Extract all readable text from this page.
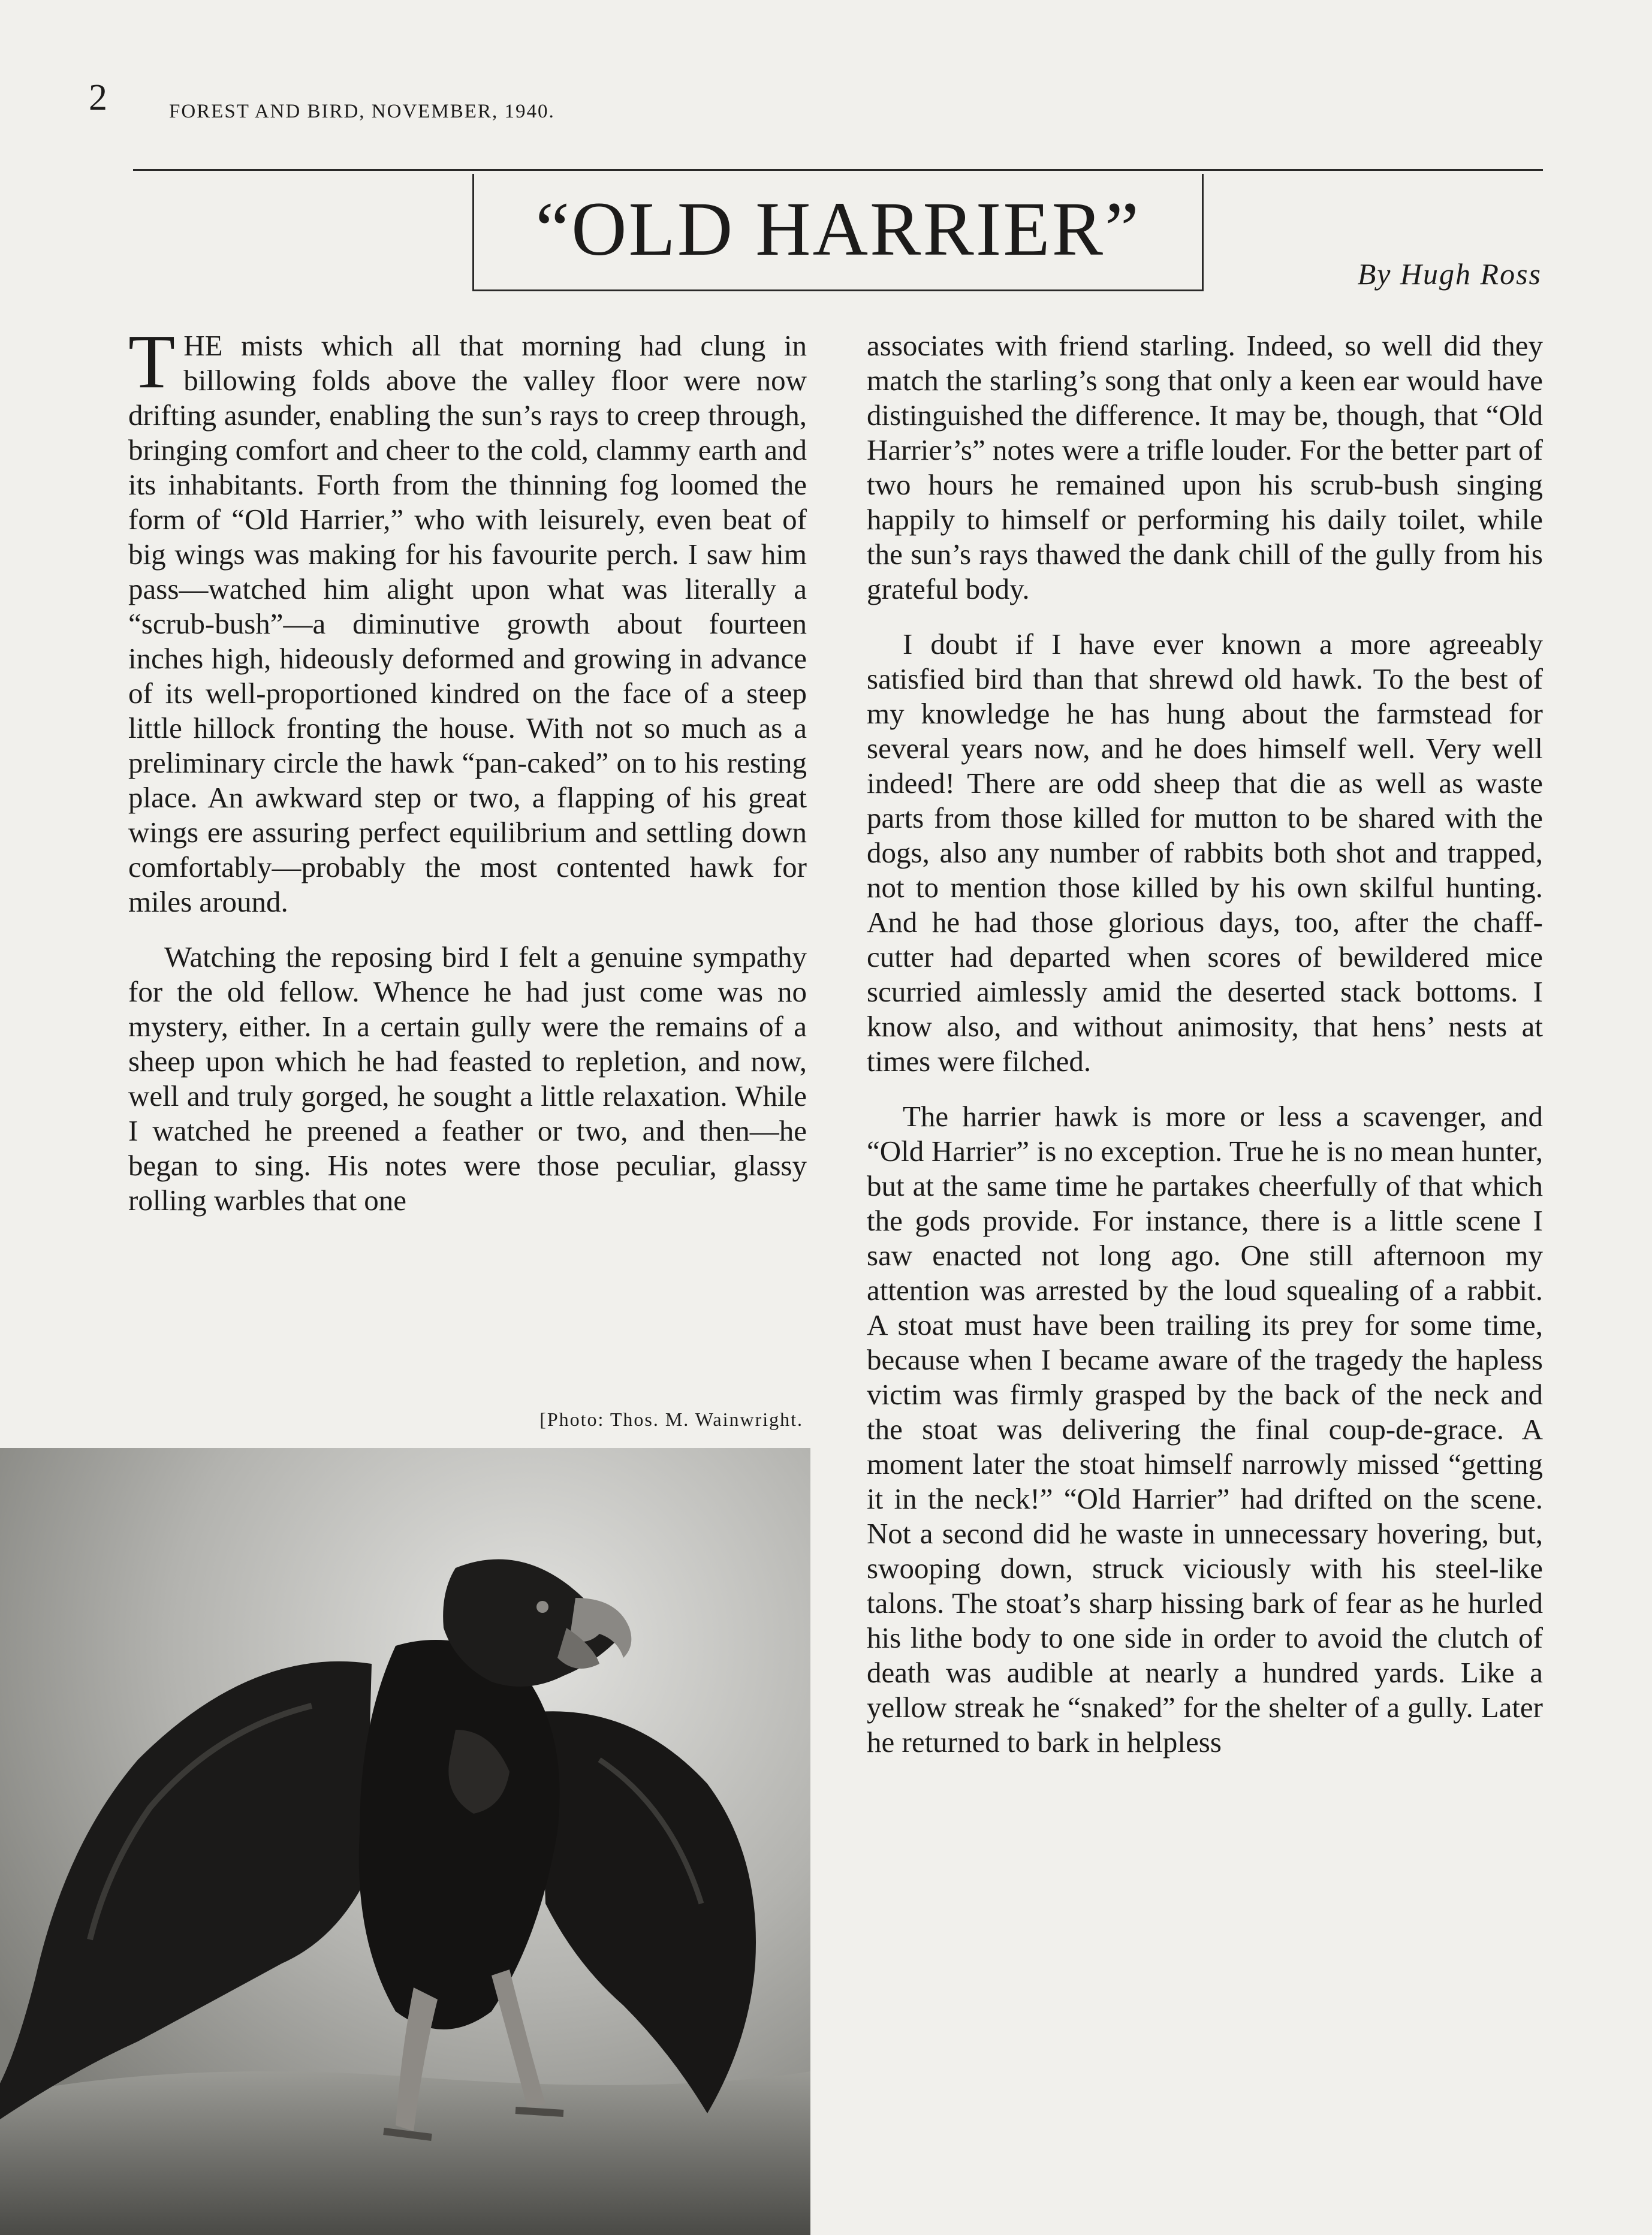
2	FOREST AND BIRD, NOVEMBER, 1940.
“OLD HARRIER”
By Hugh Ross

THE mists which all that morning had clung in billowing folds above the valley floor were now drifting asunder, enabling the sun’s rays to creep through, bringing comfort and cheer to the cold, clammy earth and its inhabitants. Forth from the thinning fog loomed the form of “Old Harrier,” who with leisurely, even beat of big wings was making for his favourite perch. I saw him pass—watched him alight upon what was literally a “scrub-bush”—a diminutive growth about fourteen inches high, hideously deformed and growing in advance of its well-proportioned kindred on the face of a steep little hillock fronting the house. With not so much as a preliminary circle the hawk “pan-caked” on to his resting place. An awkward step or two, a flapping of his great wings ere assuring perfect equilibrium and settling down comfortably—probably the most contented hawk for miles around.

Watching the reposing bird I felt a genuine sympathy for the old fellow. Whence he had just come was no mystery, either. In a certain gully were the remains of a sheep upon which he had feasted to repletion, and now, well and truly gorged, he sought a little relaxation. While I watched he preened a feather or two, and then—he began to sing. His notes were those peculiar, glassy rolling warbles that one

associates with friend starling. Indeed, so well did they match the starling’s song that only a keen ear would have distinguished the difference. It may be, though, that “Old Harrier’s” notes were a trifle louder. For the better part of two hours he remained upon his scrub-bush singing happily to himself or performing his daily toilet, while the sun’s rays thawed the dank chill of the gully from his grateful body.

I doubt if I have ever known a more agreeably satisfied bird than that shrewd old hawk. To the best of my knowledge he has hung about the farmstead for several years now, and he does himself well. Very well indeed! There are odd sheep that die as well as waste parts from those killed for mutton to be shared with the dogs, also any number of rabbits both shot and trapped, not to mention those killed by his own skilful hunting. And he had those glorious days, too, after the chaff-cutter had departed when scores of bewildered mice scurried aimlessly amid the deserted stack bottoms. I know also, and without animosity, that hens’ nests at times were filched.

The harrier hawk is more or less a scavenger, and “Old Harrier” is no exception. True he is no mean hunter, but at the same time he partakes cheerfully of that which the gods provide. For instance, there is a little scene I saw enacted not long ago. One still afternoon my attention was arrested by the loud squealing of a rabbit. A stoat must have been trailing its prey for some time, because when I became aware of the tragedy the hapless victim was firmly grasped by the back of the neck and the stoat was delivering the final coup-de-grace. A moment later the stoat himself narrowly missed “getting it in the neck!” “Old Harrier” had drifted on the scene. Not a second did he waste in unnecessary hovering, but, swooping down, struck viciously with his steel-like talons. The stoat’s sharp hissing bark of fear as he hurled his lithe body to one side in order to avoid the clutch of death was audible at nearly a hundred yards. Like a yellow streak he “snaked” for the shelter of a gully. Later he returned to bark in helpless

[Photo: Thos. M. Wainwright.
